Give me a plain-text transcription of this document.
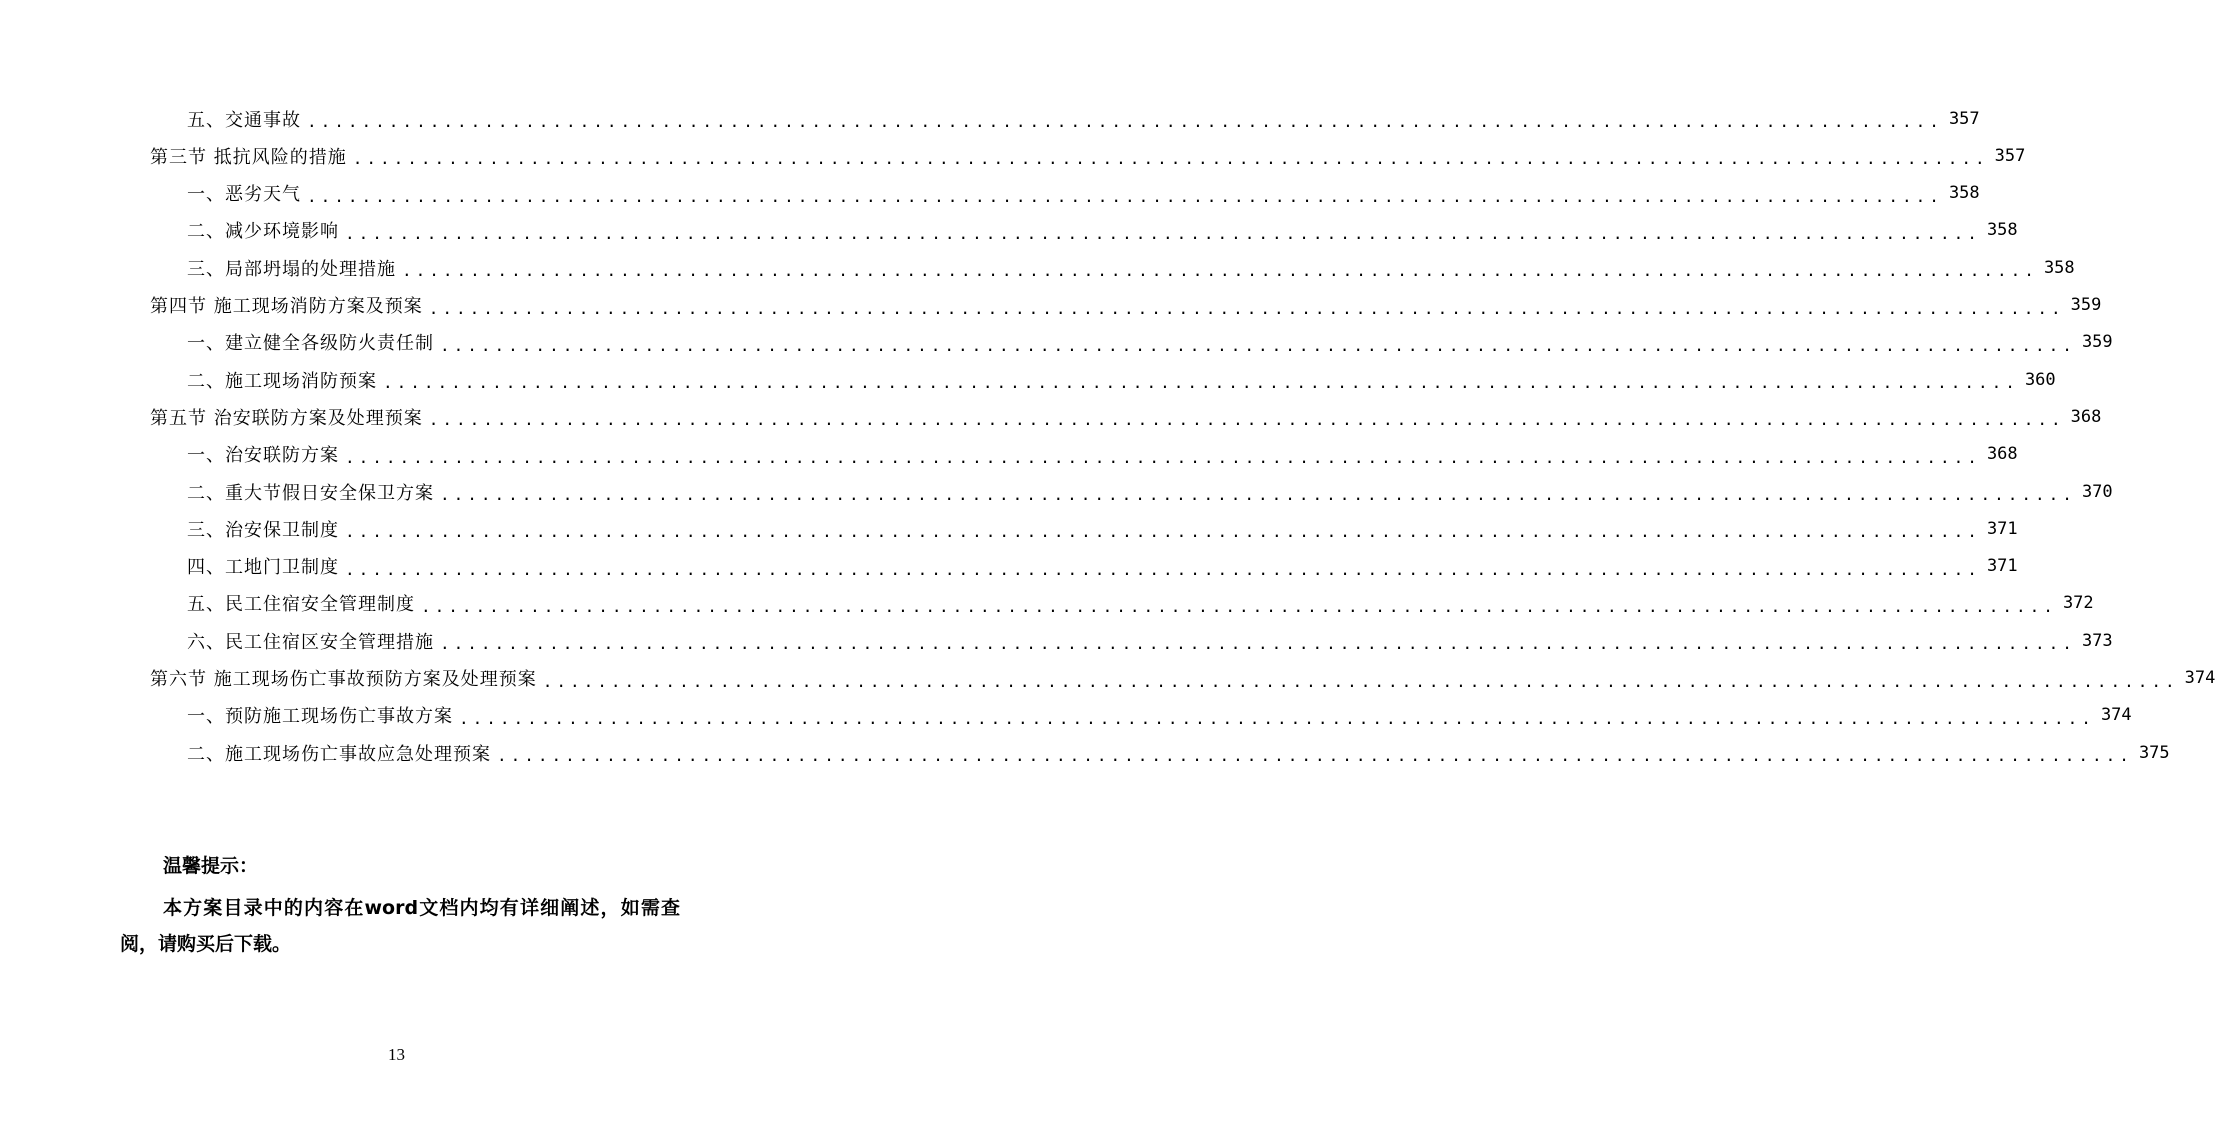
五、交通事故 ........................................................................................................................ 357
第三节 抵抗风险的措施 ........................................................................................................................ 357
一、恶劣天气 ........................................................................................................................ 358
二、减少环境影响 ........................................................................................................................ 358
三、局部坍塌的处理措施 ........................................................................................................................ 358
第四节 施工现场消防方案及预案 ........................................................................................................................ 359
一、建立健全各级防火责任制 ........................................................................................................................ 359
二、施工现场消防预案 ........................................................................................................................ 360
第五节 治安联防方案及处理预案 ........................................................................................................................ 368
一、治安联防方案 ........................................................................................................................ 368
二、重大节假日安全保卫方案 ........................................................................................................................ 370
三、治安保卫制度 ........................................................................................................................ 371
四、工地门卫制度 ........................................................................................................................ 371
五、民工住宿安全管理制度 ........................................................................................................................ 372
六、民工住宿区安全管理措施 ........................................................................................................................ 373
第六节 施工现场伤亡事故预防方案及处理预案 ........................................................................................................................ 374
一、预防施工现场伤亡事故方案 ........................................................................................................................ 374
二、施工现场伤亡事故应急处理预案 ........................................................................................................................ 375
温馨提示：
本方案目录中的内容在word文档内均有详细阐述，如需查阅，请购买后下载。
13
